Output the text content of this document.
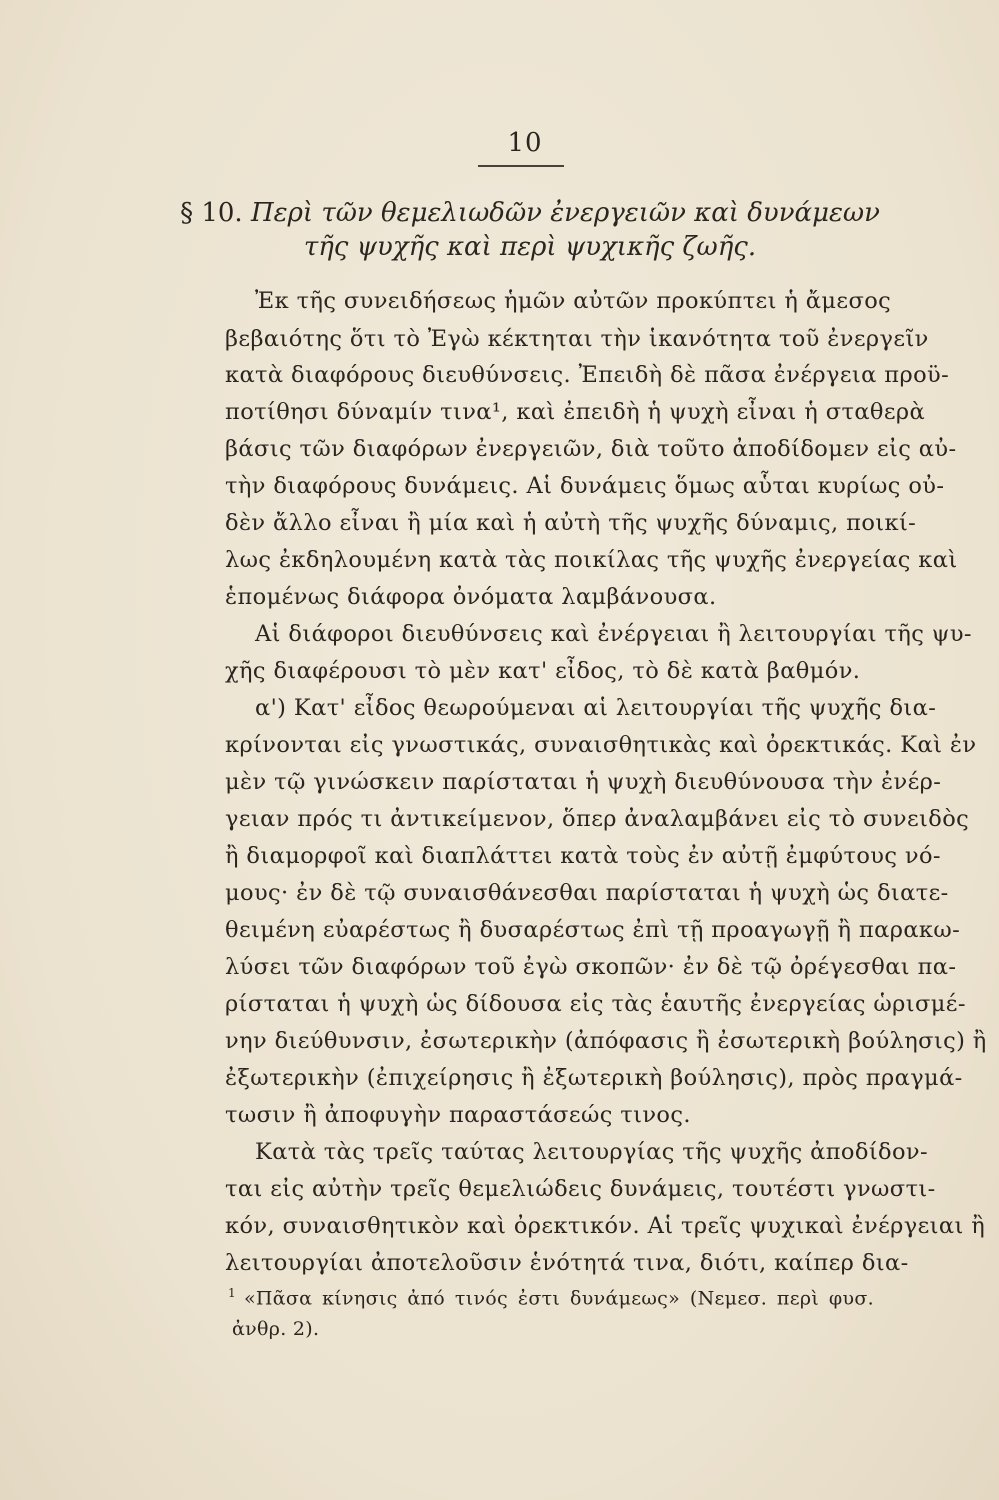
10
§ 10. Περὶ τῶν θεμελιωδῶν ἐνεργειῶν καὶ δυνάμεων
τῆς ψυχῆς καὶ περὶ ψυχικῆς ζωῆς.
Ἐκ τῆς συνειδήσεως ἡμῶν αὐτῶν προκύπτει ἡ ἄμεσος
βεβαιότης ὅτι τὸ Ἐγὼ κέκτηται τὴν ἱκανότητα τοῦ ἐνεργεῖν
κατὰ διαφόρους διευθύνσεις. Ἐπειδὴ δὲ πᾶσα ἐνέργεια προϋ-
ποτίθησι δύναμίν τινα¹, καὶ ἐπειδὴ ἡ ψυχὴ εἶναι ἡ σταθερὰ
βάσις τῶν διαφόρων ἐνεργειῶν, διὰ τοῦτο ἀποδίδομεν εἰς αὐ-
τὴν διαφόρους δυνάμεις. Αἱ δυνάμεις ὅμως αὗται κυρίως οὐ-
δὲν ἄλλο εἶναι ἢ μία καὶ ἡ αὐτὴ τῆς ψυχῆς δύναμις, ποικί-
λως ἐκδηλουμένη κατὰ τὰς ποικίλας τῆς ψυχῆς ἐνεργείας καὶ
ἑπομένως διάφορα ὀνόματα λαμβάνουσα.
Αἱ διάφοροι διευθύνσεις καὶ ἐνέργειαι ἢ λειτουργίαι τῆς ψυ-
χῆς διαφέρουσι τὸ μὲν κατ' εἶδος, τὸ δὲ κατὰ βαθμόν.
α') Κατ' εἶδος θεωρούμεναι αἱ λειτουργίαι τῆς ψυχῆς δια-
κρίνονται εἰς γνωστικάς, συναισθητικὰς καὶ ὀρεκτικάς. Καὶ ἐν
μὲν τῷ γινώσκειν παρίσταται ἡ ψυχὴ διευθύνουσα τὴν ἐνέρ-
γειαν πρός τι ἀντικείμενον, ὅπερ ἀναλαμβάνει εἰς τὸ συνειδὸς
ἢ διαμορφοῖ καὶ διαπλάττει κατὰ τοὺς ἐν αὐτῇ ἐμφύτους νό-
μους· ἐν δὲ τῷ συναισθάνεσθαι παρίσταται ἡ ψυχὴ ὡς διατε-
θειμένη εὐαρέστως ἢ δυσαρέστως ἐπὶ τῇ προαγωγῇ ἢ παρακω-
λύσει τῶν διαφόρων τοῦ ἐγὼ σκοπῶν· ἐν δὲ τῷ ὀρέγεσθαι πα-
ρίσταται ἡ ψυχὴ ὡς δίδουσα εἰς τὰς ἑαυτῆς ἐνεργείας ὡρισμέ-
νην διεύθυνσιν, ἐσωτερικὴν (ἀπόφασις ἢ ἐσωτερικὴ βούλησις) ἢ
ἐξωτερικὴν (ἐπιχείρησις ἢ ἐξωτερικὴ βούλησις), πρὸς πραγμά-
τωσιν ἢ ἀποφυγὴν παραστάσεώς τινος.
Κατὰ τὰς τρεῖς ταύτας λειτουργίας τῆς ψυχῆς ἀποδίδον-
ται εἰς αὐτὴν τρεῖς θεμελιώδεις δυνάμεις, τουτέστι γνωστι-
κόν, συναισθητικὸν καὶ ὀρεκτικόν. Αἱ τρεῖς ψυχικαὶ ἐνέργειαι ἢ
λειτουργίαι ἀποτελοῦσιν ἑνότητά τινα, διότι, καίπερ δια-
$^1$ «Πᾶσα κίνησις ἀπό τινός ἐστι δυνάμεως» (Νεμεσ. περὶ φυσ.
ἀνθρ. 2).
